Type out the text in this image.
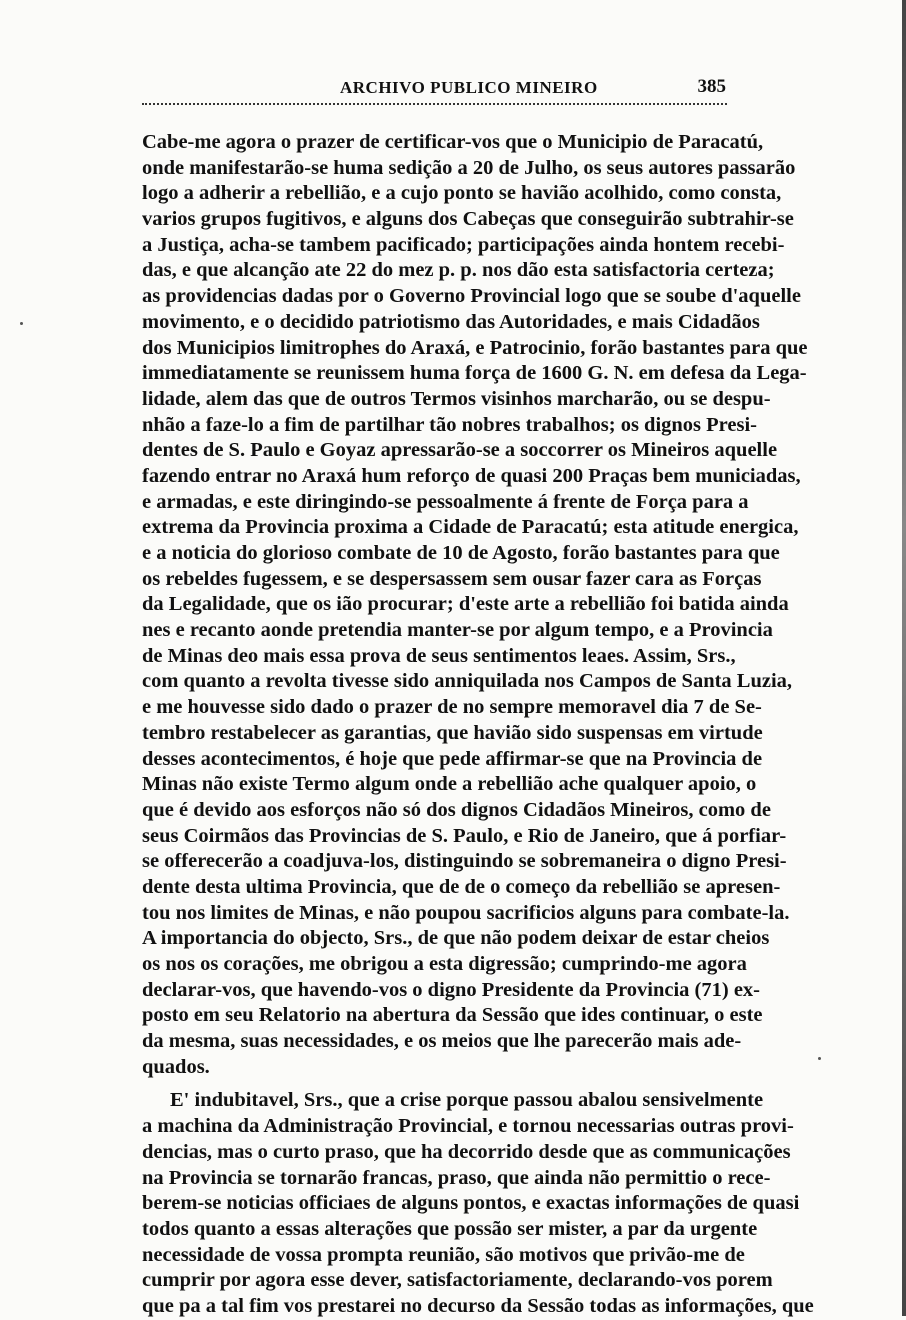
ARCHIVO PUBLICO MINEIRO	385
Cabe-me agora o prazer de certificar-vos que o Municipio de Paracatú,
onde manifestarão-se huma sedição a 20 de Julho, os seus autores passarão
logo a adherir a rebellião, e a cujo ponto se havião acolhido, como consta,
varios grupos fugitivos, e alguns dos Cabeças que conseguirão subtrahir-se
a Justiça, acha-se tambem pacificado; participações ainda hontem recebi-
das, e que alcanção ate 22 do mez p. p. nos dão esta satisfactoria certeza;
as providencias dadas por o Governo Provincial logo que se soube d'aquelle
movimento, e o decidido patriotismo das Autoridades, e mais Cidadãos
dos Municipios limitrophes do Araxá, e Patrocinio, forão bastantes para que
immediatamente se reunissem huma força de 1600 G. N. em defesa da Lega-
lidade, alem das que de outros Termos visinhos marcharão, ou se despu-
nhão a faze-lo a fim de partilhar tão nobres trabalhos; os dignos Presi-
dentes de S. Paulo e Goyaz apressarão-se a soccorrer os Mineiros aquelle
fazendo entrar no Araxá hum reforço de quasi 200 Praças bem municiadas,
e armadas, e este diringindo-se pessoalmente á frente de Força para a
extrema da Provincia proxima a Cidade de Paracatú; esta atitude energica,
e a noticia do glorioso combate de 10 de Agosto, forão bastantes para que
os rebeldes fugessem, e se despersassem sem ousar fazer cara as Forças
da Legalidade, que os ião procurar; d'este arte a rebellião foi batida ainda
nes e recanto aonde pretendia manter-se por algum tempo, e a Provincia
de Minas deo mais essa prova de seus sentimentos leaes. Assim, Srs.,
com quanto a revolta tivesse sido anniquilada nos Campos de Santa Luzia,
e me houvesse sido dado o prazer de no sempre memoravel dia 7 de Se-
tembro restabelecer as garantias, que havião sido suspensas em virtude
desses acontecimentos, é hoje que pede affirmar-se que na Provincia de
Minas não existe Termo algum onde a rebellião ache qualquer apoio, o
que é devido aos esforços não só dos dignos Cidadãos Mineiros, como de
seus Coirmãos das Provincias de S. Paulo, e Rio de Janeiro, que á porfiar-
se offerecerão a coadjuva-los, distinguindo se sobremaneira o digno Presi-
dente desta ultima Provincia, que de de o começo da rebellião se apresen-
tou nos limites de Minas, e não poupou sacrificios alguns para combate-la.
A importancia do objecto, Srs., de que não podem deixar de estar cheios
os nos os corações, me obrigou a esta digressão; cumprindo-me agora
declarar-vos, que havendo-vos o digno Presidente da Provincia (71) ex-
posto em seu Relatorio na abertura da Sessão que ides continuar, o este
da mesma, suas necessidades, e os meios que lhe parecerão mais ade-
quados.
E' indubitavel, Srs., que a crise porque passou abalou sensivelmente
a machina da Administração Provincial, e tornou necessarias outras provi-
dencias, mas o curto praso, que ha decorrido desde que as communicações
na Provincia se tornarão francas, praso, que ainda não permittio o rece-
berem-se noticias officiaes de alguns pontos, e exactas informações de quasi
todos quanto a essas alterações que possão ser mister, a par da urgente
necessidade de vossa prompta reunião, são motivos que privão-me de
cumprir por agora esse dever, satisfactoriamente, declarando-vos porem
que pa a tal fim vos prestarei no decurso da Sessão todas as informações, que
